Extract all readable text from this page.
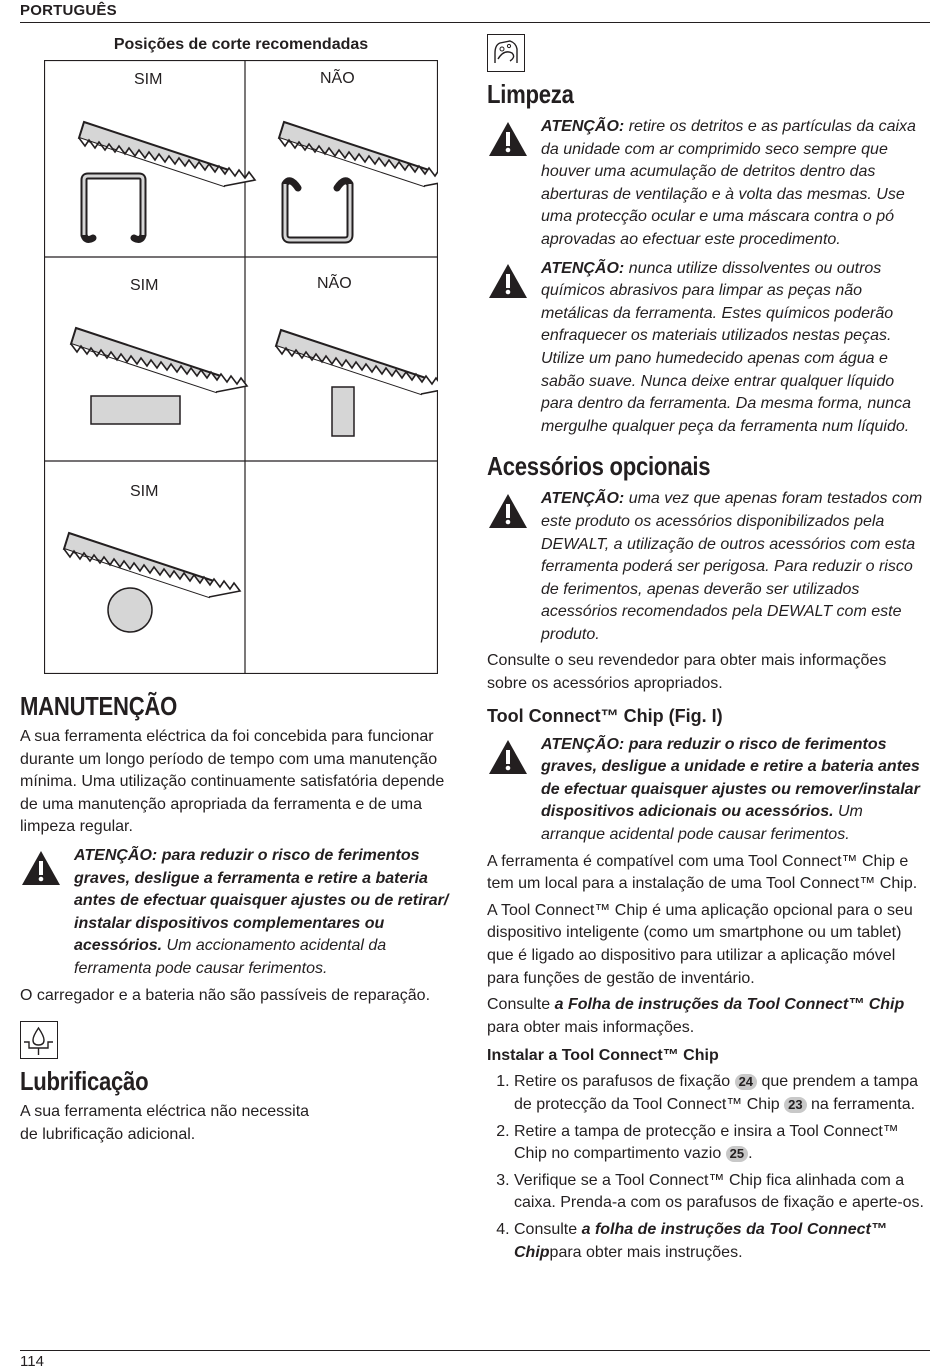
PORTUGUÊS
Posições de corte recomendadas
SIM	NÃO
SIM	NÃO
SIM
MANUTENÇÃO

A sua ferramenta eléctrica da foi concebida para funcionar durante um longo período de tempo com uma manutenção mínima. Uma utilização continuamente satisfatória depende de uma manutenção apropriada da ferramenta e de uma limpeza regular.

ATENÇÃO: para reduzir o risco de ferimentos graves, desligue a ferramenta e retire a bateria antes de efectuar quaisquer ajustes ou de retirar/ instalar dispositivos complementares ou acessórios. Um accionamento acidental da ferramenta pode causar ferimentos.

O carregador e a bateria não são passíveis de reparação.

Lubrificação

A sua ferramenta eléctrica não necessita de lubrificação adicional.

Limpeza
ATENÇÃO: retire os detritos e as partículas da caixa da unidade com ar comprimido seco sempre que houver uma acumulação de detritos dentro das aberturas de ventilação e à volta das mesmas. Use uma protecção ocular e uma máscara contra o pó aprovadas ao efectuar este procedimento.
ATENÇÃO: nunca utilize dissolventes ou outros químicos abrasivos para limpar as peças não metálicas da ferramenta. Estes químicos poderão enfraquecer os materiais utilizados nestas peças. Utilize um pano humedecido apenas com água e sabão suave. Nunca deixe entrar qualquer líquido para dentro da ferramenta. Da mesma forma, nunca mergulhe qualquer peça da ferramenta num líquido.
Acessórios opcionais
ATENÇÃO: uma vez que apenas foram testados com este produto os acessórios disponibilizados pela DEWALT, a utilização de outros acessórios com esta ferramenta poderá ser perigosa. Para reduzir o risco de ferimentos, apenas deverão ser utilizados acessórios recomendados pela DEWALT com este produto.

Consulte o seu revendedor para obter mais informações sobre os acessórios apropriados.

Tool Connect™ Chip (Fig. I)
ATENÇÃO: para reduzir o risco de ferimentos graves, desligue a unidade e retire a bateria antes de efectuar quaisquer ajustes ou remover/instalar dispositivos adicionais ou acessórios. Um arranque acidental pode causar ferimentos.

A ferramenta é compatível com uma Tool Connect™ Chip e tem um local para a instalação de uma Tool Connect™ Chip.

A Tool Connect™ Chip é uma aplicação opcional para o seu dispositivo inteligente (como um smartphone ou um tablet) que é ligado ao dispositivo para utilizar a aplicação móvel para funções de gestão de inventário.

Consulte a Folha de instruções da Tool Connect™ Chip para obter mais informações.

Instalar a Tool Connect™ Chip
1. Retire os parafusos de fixação 24 que prendem a tampa de protecção da Tool Connect™ Chip 23 na ferramenta.
2. Retire a tampa de protecção e insira a Tool Connect™ Chip no compartimento vazio 25 .
3. Verifique se a Tool Connect™ Chip fica alinhada com a caixa. Prenda-a com os parafusos de fixação e aperte-os.
4. Consulte a folha de instruções da Tool Connect™ Chippara obter mais instruções.
114
